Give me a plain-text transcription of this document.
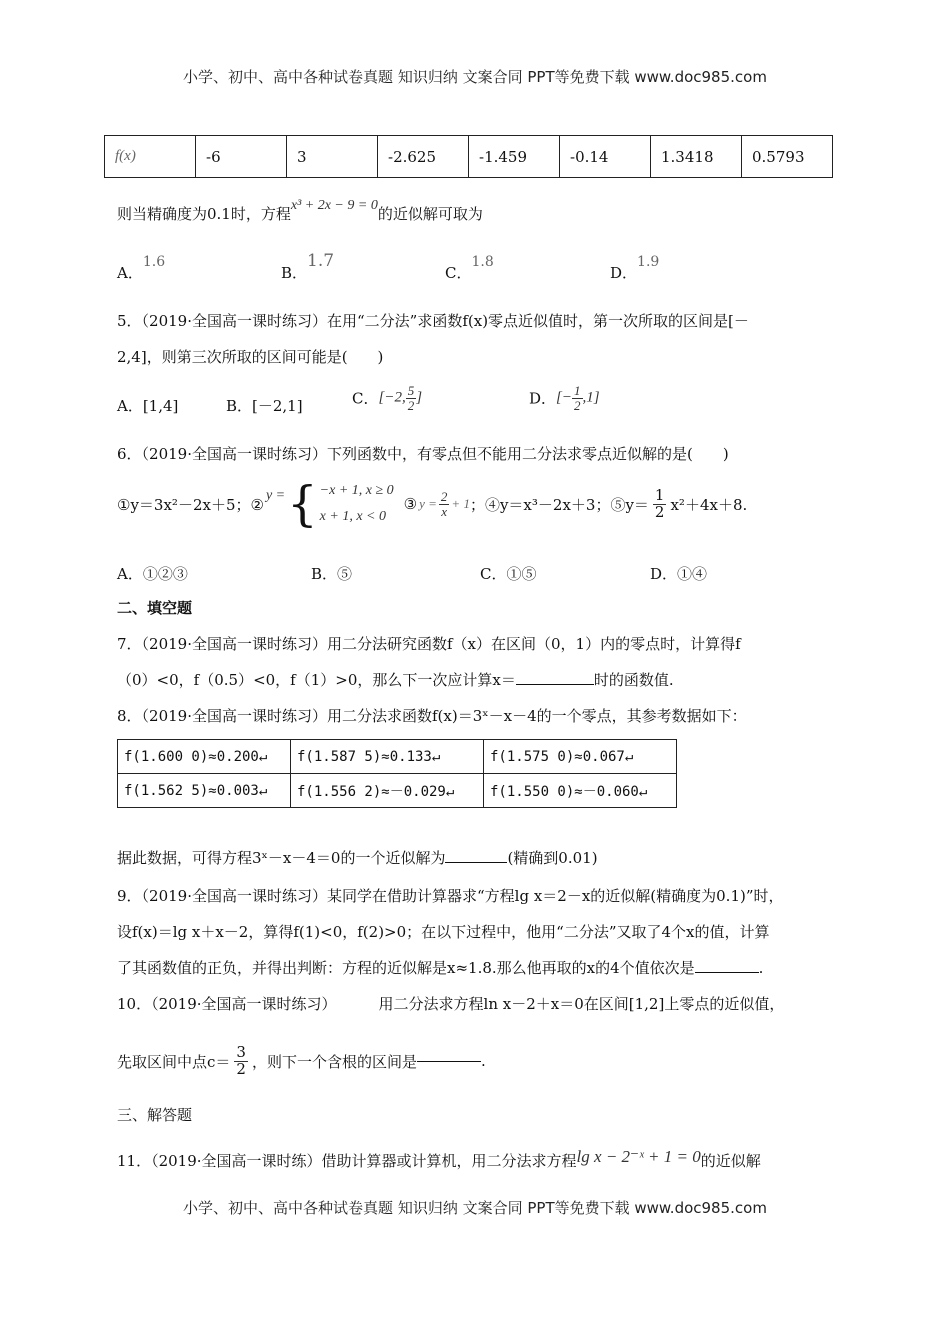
小学、初中、高中各种试卷真题 知识归纳 文案合同 PPT等免费下载 www.doc985.com
f(x)	-6	3	-2.625	-1.459	-0.14	1.3418	0.5793
则当精确度为0.1时，方程x³ + 2x − 9 = 0的近似解可取为
A．1.6
B．1.7
C．1.8
D．1.9
5．（2019·全国高一课时练习）在用“二分法”求函数f(x)零点近似值时，第一次所取的区间是[－
2,4]，则第三次所取的区间可能是(　　)
A．[1,4]	B．[－2,1]	C．[−2, $\frac{5}{2}$ ]	D．[− $\frac{1}{2} ,1$]
6．（2019·全国高一课时练习）下列函数中，有零点但不能用二分法求零点近似解的是(　　)
①y＝3x²－2x＋5；② y = { −x + 1, x ≥ 0
x + 1, x < 0
③ $y = \frac{2}{x} + 1$ ；④y＝x³－2x＋3；⑤y＝ $\frac{1}{2} x^2+4x+8$.
A．①②③	B．⑤	C．①⑤	D．①④
二、填空题
7．（2019·全国高一课时练习）用二分法研究函数f（x）在区间（0，1）内的零点时，计算得f
（0）<0，f（0.5）<0，f（1）>0，那么下一次应计算x＝	时的函数值.
8．（2019·全国高一课时练习）用二分法求函数f(x)＝3ˣ－x－4的一个零点，其参考数据如下：
f(1.600 0)≈0.200↵	f(1.587 5)≈0.133↵	f(1.575 0)≈0.067↵
f(1.562 5)≈0.003↵	f(1.556 2)≈－0.029↵	f(1.550 0)≈－0.060↵
据此数据，可得方程3ˣ－x－4＝0的一个近似解为	(精确到0.01)
9．（2019·全国高一课时练习）某同学在借助计算器求“方程lg x＝2－x的近似解(精确度为0.1)”时，
设f(x)＝lg x＋x－2，算得f(1)<0，f(2)>0；在以下过程中，他用“二分法”又取了4个x的值，计算
了其函数值的正负，并得出判断：方程的近似解是x≈1.8.那么他再取的x的4个值依次是	.
10．（2019·全国高一课时练习）	用二分法求方程ln x－2＋x＝0在区间[1,2]上零点的近似值，
先取区间中点$c= \frac{3}{2}$ ，则下一个含根的区间是	.
三、解答题
11．（2019·全国高一课时练）借助计算器或计算机，用二分法求方程lg x − 2⁻ˣ + 1 = 0的近似解
小学、初中、高中各种试卷真题 知识归纳 文案合同 PPT等免费下载 www.doc985.com
